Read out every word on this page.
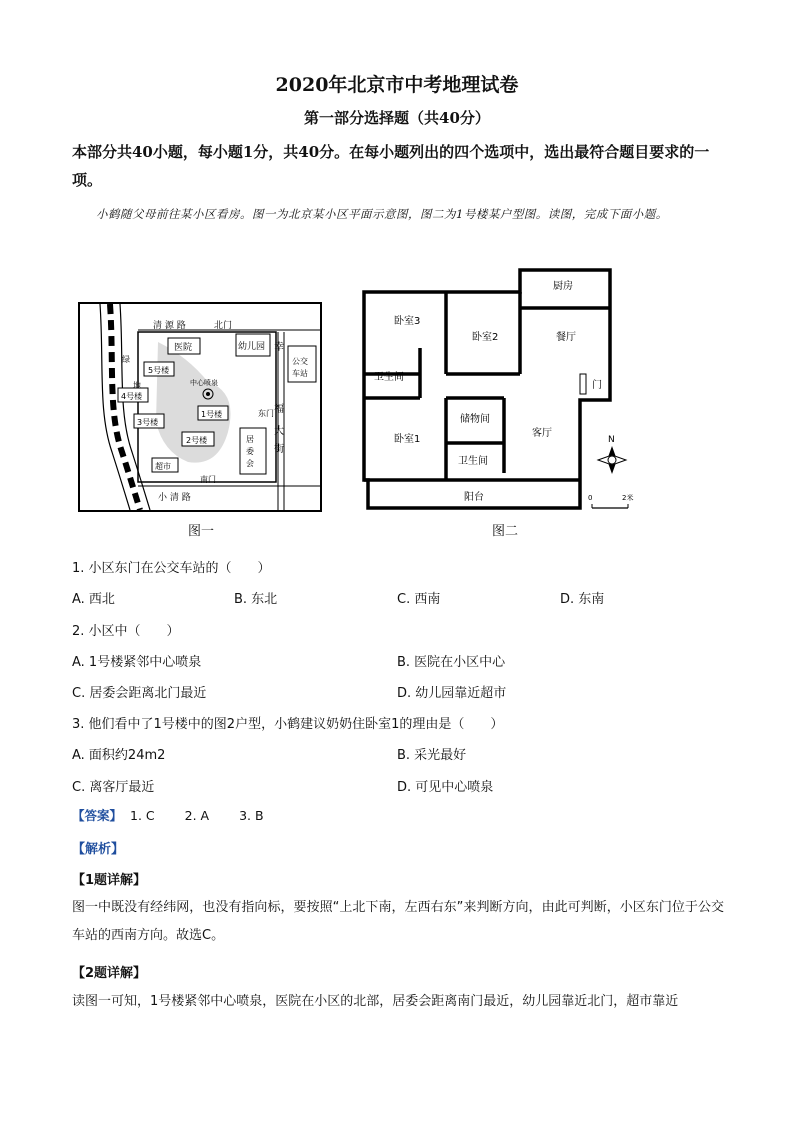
2020年北京市中考地理试卷
第一部分选择题（共40分）
本部分共40小题，每小题1分，共40分。在每小题列出的四个选项中，选出最符合题目要求的一项。
小鹤随父母前往某小区看房。图一为北京某小区平面示意图，图二为1号楼某户型图。读图，完成下面小题。
清 源 路	北门
医院	幼儿园 幸
福
大
街
公交
车站
绿
地
5号楼
4号楼
3号楼
1号楼
2号楼
中心喷泉
东门
居
委
会
超市
南门
小 清 路
图一
厨房
卧室3
卧室2	餐厅
卫生间
门
储物间
卧室1
客厅
卫生间
阳台
N
0	2米
图二
1. 小区东门在公交车站的（　　）
A. 西北	B. 东北	C. 西南	D. 东南
2. 小区中（　　）
A. 1号楼紧邻中心喷泉	B. 医院在小区中心
C. 居委会距离北门最近	D. 幼儿园靠近超市
3. 他们看中了1号楼中的图2户型，小鹤建议奶奶住卧室1的理由是（　　）
A. 面积约24m2	B. 采光最好
C. 离客厅最近	D. 可见中心喷泉
【答案】 1. C 2. A 3. B
【解析】
【1题详解】
图一中既没有经纬网，也没有指向标，要按照“上北下南，左西右东”来判断方向，由此可判断，小区东门位于公交车站的西南方向。故选C。
【2题详解】
读图一可知，1号楼紧邻中心喷泉，医院在小区的北部，居委会距离南门最近，幼儿园靠近北门，超市靠近
